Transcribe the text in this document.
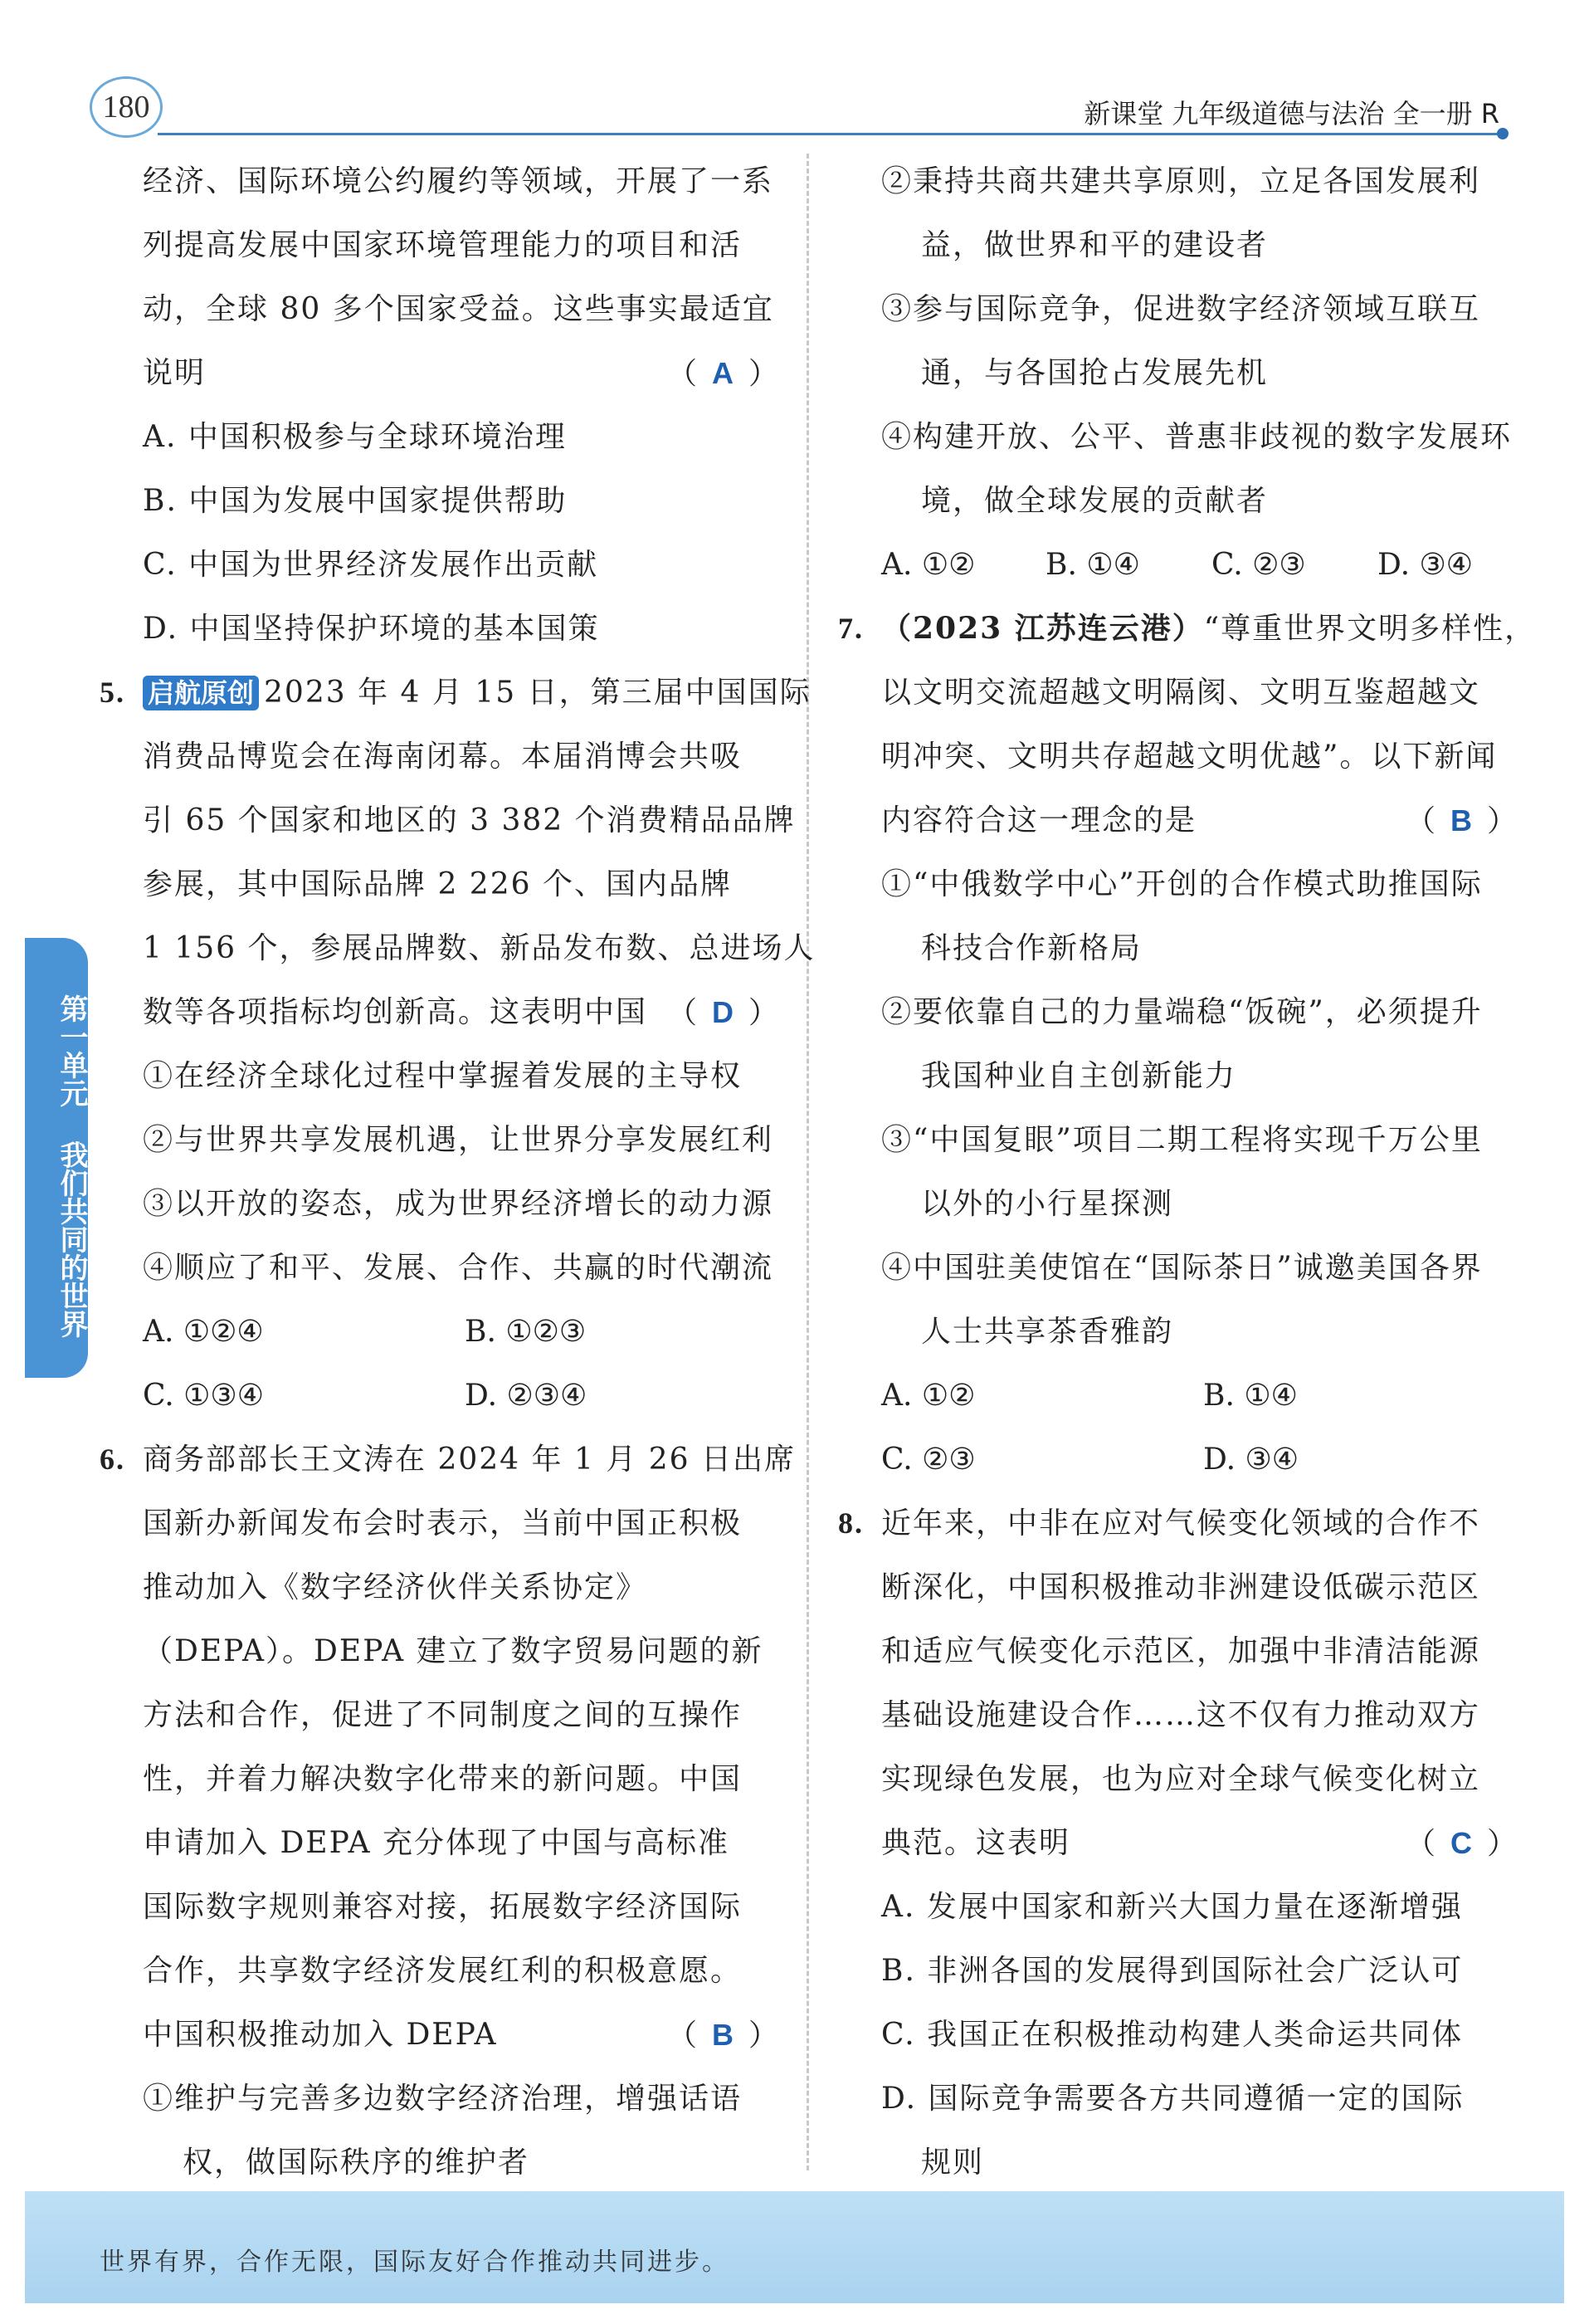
180	新课堂 九年级道德与法治 全一册 R
第一单元 我们共同的世界
经济、国际环境公约履约等领域，开展了一系
列提高发展中国家环境管理能力的项目和活
动，全球 80 多个国家受益。这些事实最适宜
说明	（ A ）
A. 中国积极参与全球环境治理
B. 中国为发展中国家提供帮助
C. 中国为世界经济发展作出贡献
D. 中国坚持保护环境的基本国策
5. 启航原创 2023 年 4 月 15 日，第三届中国国际
消费品博览会在海南闭幕。本届消博会共吸
引 65 个国家和地区的 3 382 个消费精品品牌
参展，其中国际品牌 2 226 个、国内品牌
1 156 个，参展品牌数、新品发布数、总进场人
数等各项指标均创新高。这表明中国 （ D ）
①在经济全球化过程中掌握着发展的主导权
②与世界共享发展机遇，让世界分享发展红利
③以开放的姿态，成为世界经济增长的动力源
④顺应了和平、发展、合作、共赢的时代潮流
A. ①②④	B. ①②③
C. ①③④	D. ②③④
6. 商务部部长王文涛在 2024 年 1 月 26 日出席
国新办新闻发布会时表示，当前中国正积极
推动加入《数字经济伙伴关系协定》
（DEPA）。DEPA 建立了数字贸易问题的新
方法和合作，促进了不同制度之间的互操作
性，并着力解决数字化带来的新问题。中国
申请加入 DEPA 充分体现了中国与高标准
国际数字规则兼容对接，拓展数字经济国际
合作，共享数字经济发展红利的积极意愿。
中国积极推动加入 DEPA	（ B ）
①维护与完善多边数字经济治理，增强话语
权，做国际秩序的维护者
②秉持共商共建共享原则，立足各国发展利
益，做世界和平的建设者
③参与国际竞争，促进数字经济领域互联互
通，与各国抢占发展先机
④构建开放、公平、普惠非歧视的数字发展环
境，做全球发展的贡献者
A. ①② B. ①④ C. ②③ D. ③④
7. （2023 江苏连云港）“尊重世界文明多样性，
以文明交流超越文明隔阂、文明互鉴超越文
明冲突、文明共存超越文明优越”。以下新闻
内容符合这一理念的是	（ B ）
①“中俄数学中心”开创的合作模式助推国际
科技合作新格局
②要依靠自己的力量端稳“饭碗”，必须提升
我国种业自主创新能力
③“中国复眼”项目二期工程将实现千万公里
以外的小行星探测
④中国驻美使馆在“国际茶日”诚邀美国各界
人士共享茶香雅韵
A. ①②	B. ①④
C. ②③	D. ③④
8. 近年来，中非在应对气候变化领域的合作不
断深化，中国积极推动非洲建设低碳示范区
和适应气候变化示范区，加强中非清洁能源
基础设施建设合作……这不仅有力推动双方
实现绿色发展，也为应对全球气候变化树立
典范。这表明	（ C ）
A. 发展中国家和新兴大国力量在逐渐增强
B. 非洲各国的发展得到国际社会广泛认可
C. 我国正在积极推动构建人类命运共同体
D. 国际竞争需要各方共同遵循一定的国际
规则
世界有界，合作无限，国际友好合作推动共同进步。
